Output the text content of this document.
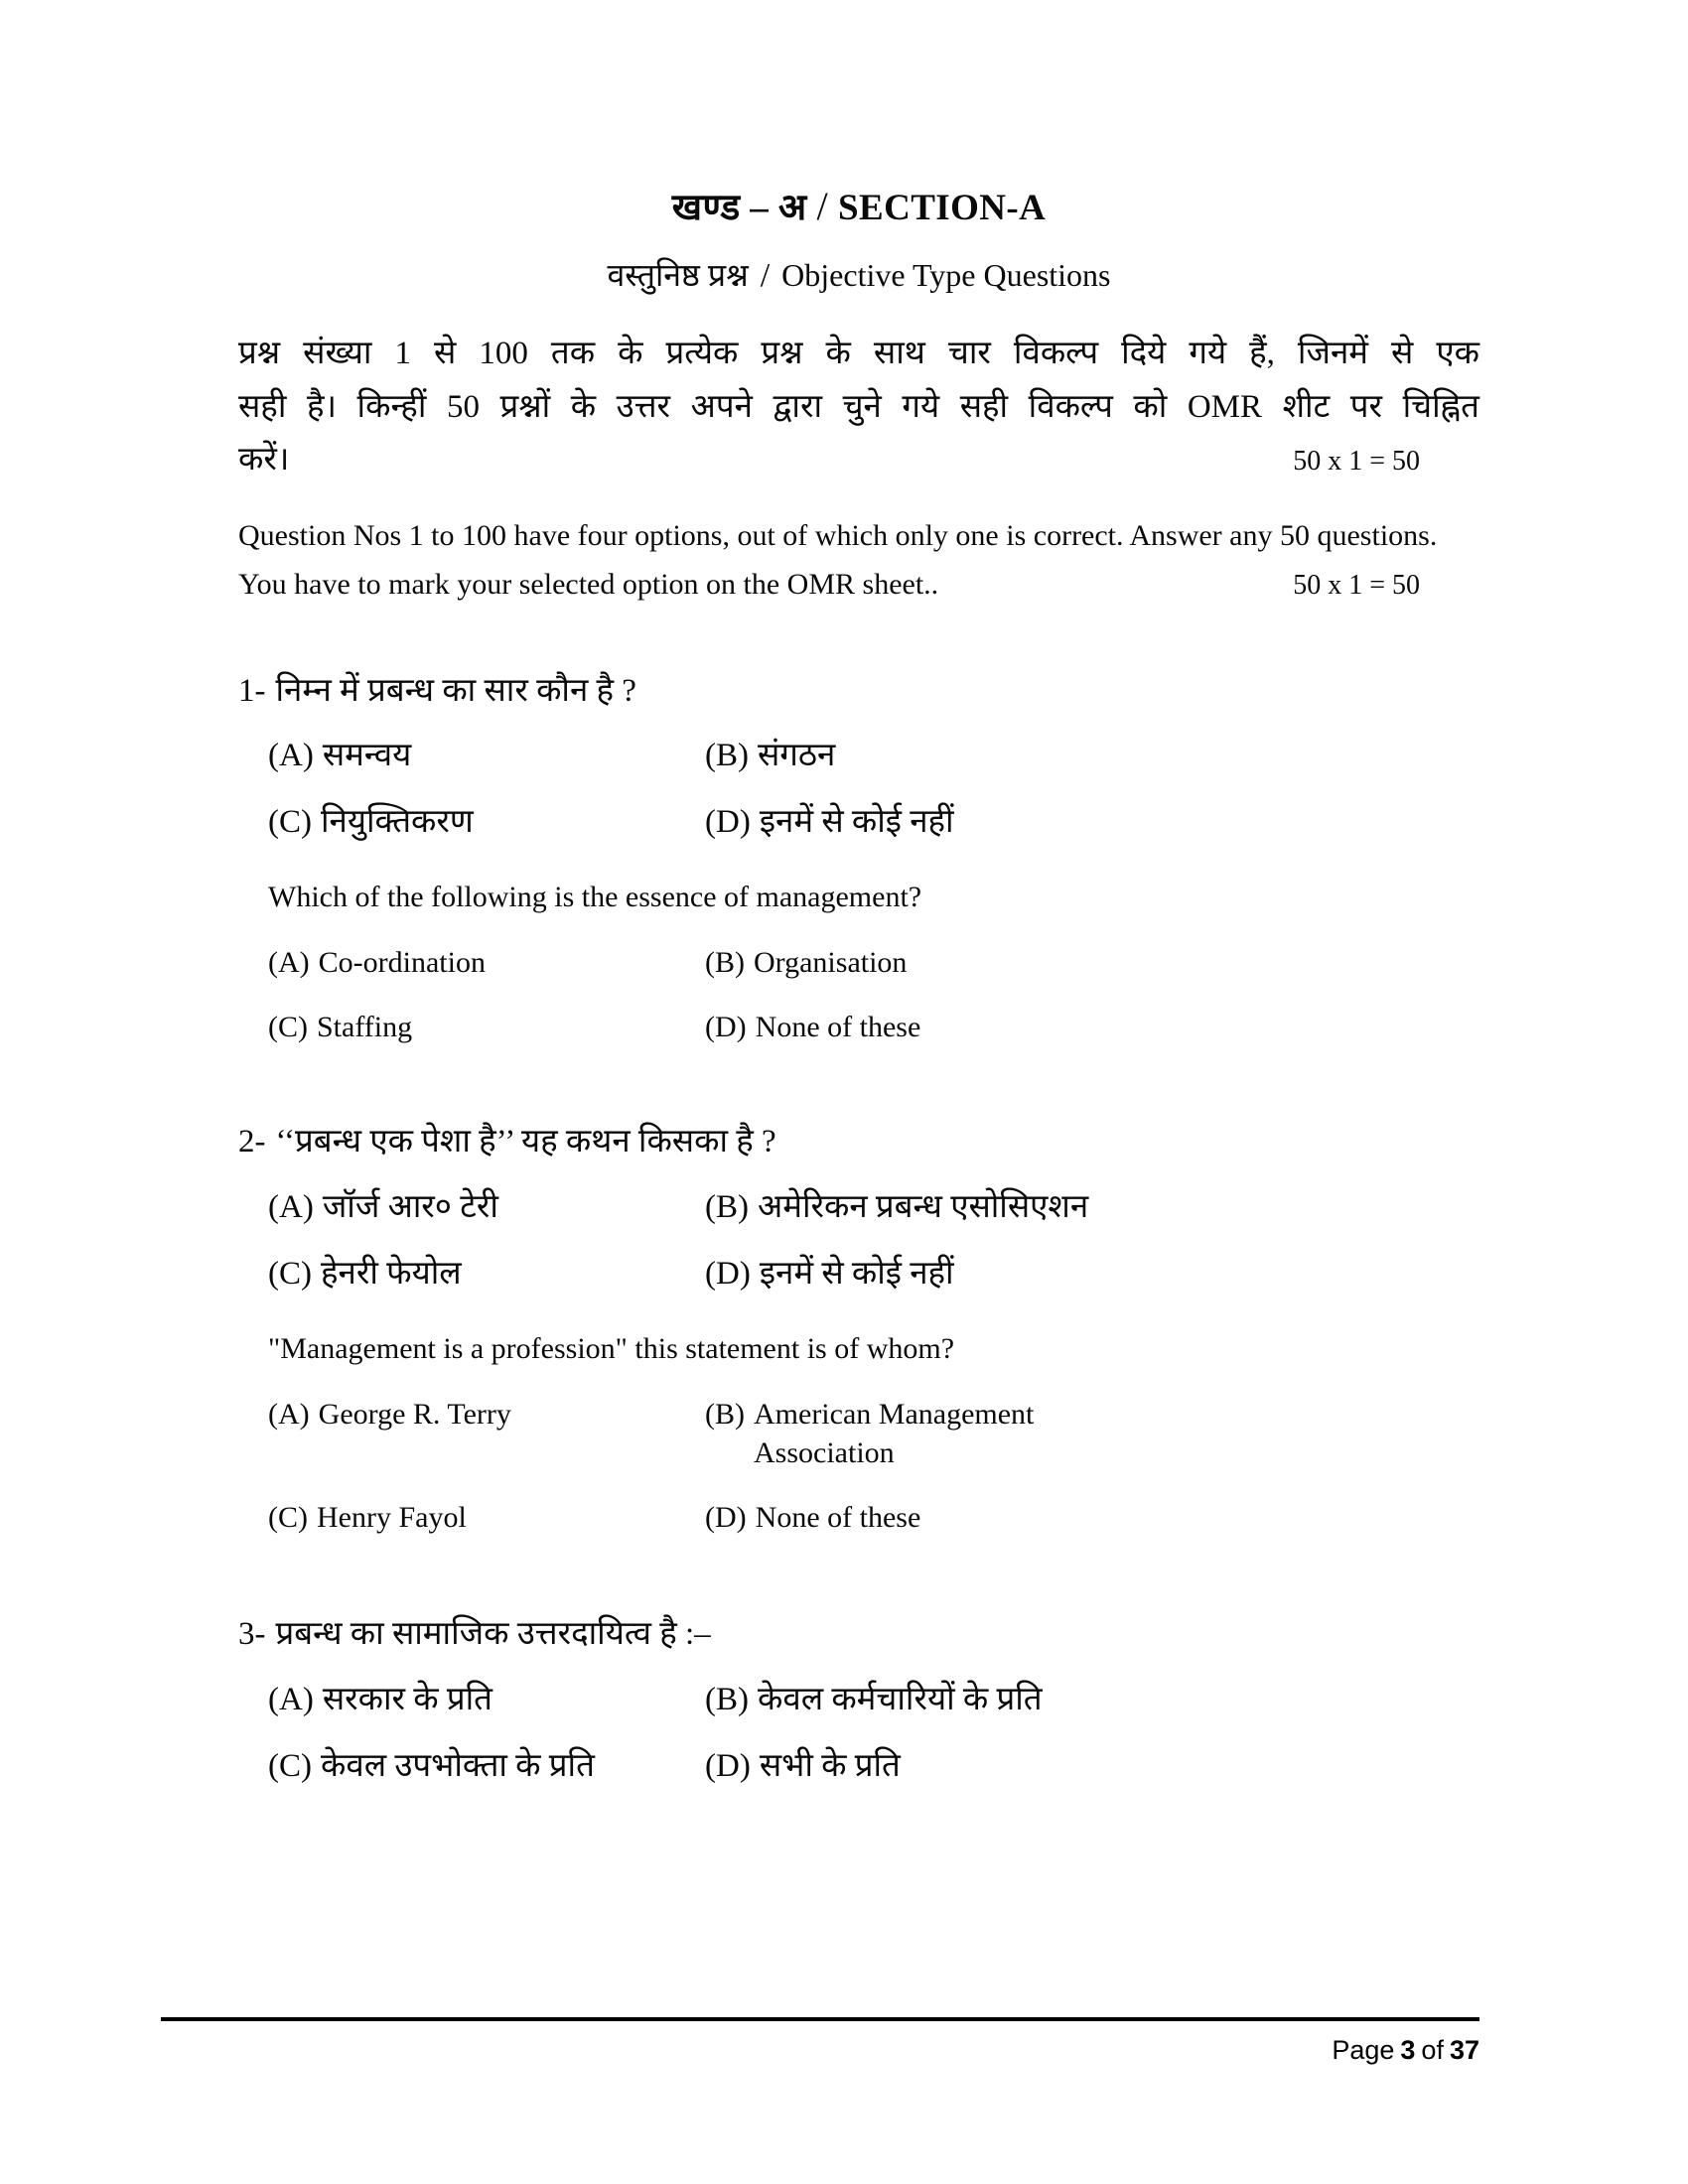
खण्ड – अ / SECTION-A
वस्तुनिष्ठ प्रश्न / Objective Type Questions
प्रश्न संख्या 1 से 100 तक के प्रत्येक प्रश्न के साथ चार विकल्प दिये गये हैं, जिनमें से एक
सही है। किन्हीं 50 प्रश्नों के उत्तर अपने द्वारा चुने गये सही विकल्प को OMR शीट पर चिह्नित
करें।	50 x 1 = 50
Question Nos 1 to 100 have four options, out of which only one is correct. Answer any 50 questions.
You have to mark your selected option on the OMR sheet..	50 x 1 = 50
1- निम्न में प्रबन्ध का सार कौन है ?
(A) समन्वय	(B) संगठन
(C) नियुक्तिकरण	(D) इनमें से कोई नहीं
Which of the following is the essence of management?
(A) Co-ordination	(B) Organisation
(C) Staffing	(D) None of these
2- ‘‘प्रबन्ध एक पेशा है’’ यह कथन किसका है ?
(A) जॉर्ज आर० टेरी	(B) अमेरिकन प्रबन्ध एसोसिएशन
(C) हेनरी फेयोल	(D) इनमें से कोई नहीं
"Management is a profession" this statement is of whom?
(A) George R. Terry	(B) American Management Association
(C) Henry Fayol	(D) None of these
3- प्रबन्ध का सामाजिक उत्तरदायित्व है :–
(A) सरकार के प्रति	(B) केवल कर्मचारियों के प्रति
(C) केवल उपभोक्ता के प्रति	(D) सभी के प्रति
Page 3 of 37
